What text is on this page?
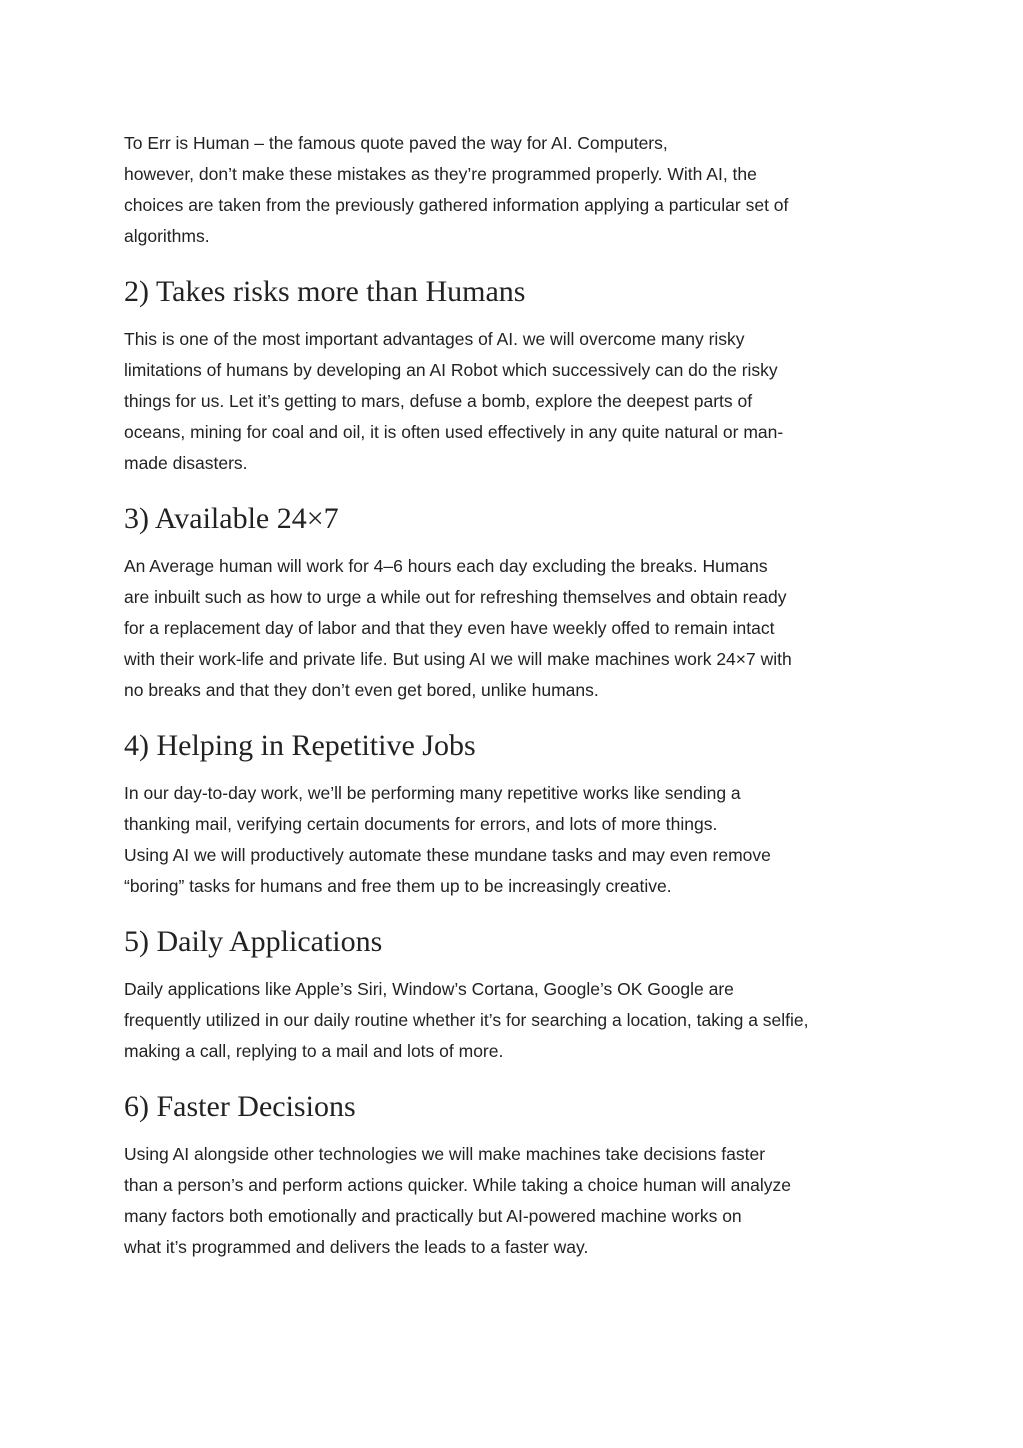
To Err is Human – the famous quote paved the way for AI. Computers,
however, don’t make these mistakes as they’re programmed properly. With AI, the
choices are taken from the previously gathered information applying a particular set of
algorithms.

2) Takes risks more than Humans

This is one of the most important advantages of AI. we will overcome many risky
limitations of humans by developing an AI Robot which successively can do the risky
things for us. Let it’s getting to mars, defuse a bomb, explore the deepest parts of
oceans, mining for coal and oil, it is often used effectively in any quite natural or man-
made disasters.

3) Available 24×7

An Average human will work for 4–6 hours each day excluding the breaks. Humans
are inbuilt such as how to urge a while out for refreshing themselves and obtain ready
for a replacement day of labor and that they even have weekly offed to remain intact
with their work-life and private life. But using AI we will make machines work 24×7 with
no breaks and that they don’t even get bored, unlike humans.

4) Helping in Repetitive Jobs

In our day-to-day work, we’ll be performing many repetitive works like sending a
thanking mail, verifying certain documents for errors, and lots of more things.
Using AI we will productively automate these mundane tasks and may even remove
“boring” tasks for humans and free them up to be increasingly creative.

5) Daily Applications

Daily applications like Apple’s Siri, Window’s Cortana, Google’s OK Google are
frequently utilized in our daily routine whether it’s for searching a location, taking a selfie,
making a call, replying to a mail and lots of more.

6) Faster Decisions

Using AI alongside other technologies we will make machines take decisions faster
than a person’s and perform actions quicker. While taking a choice human will analyze
many factors both emotionally and practically but AI-powered machine works on
what it’s programmed and delivers the leads to a faster way.
